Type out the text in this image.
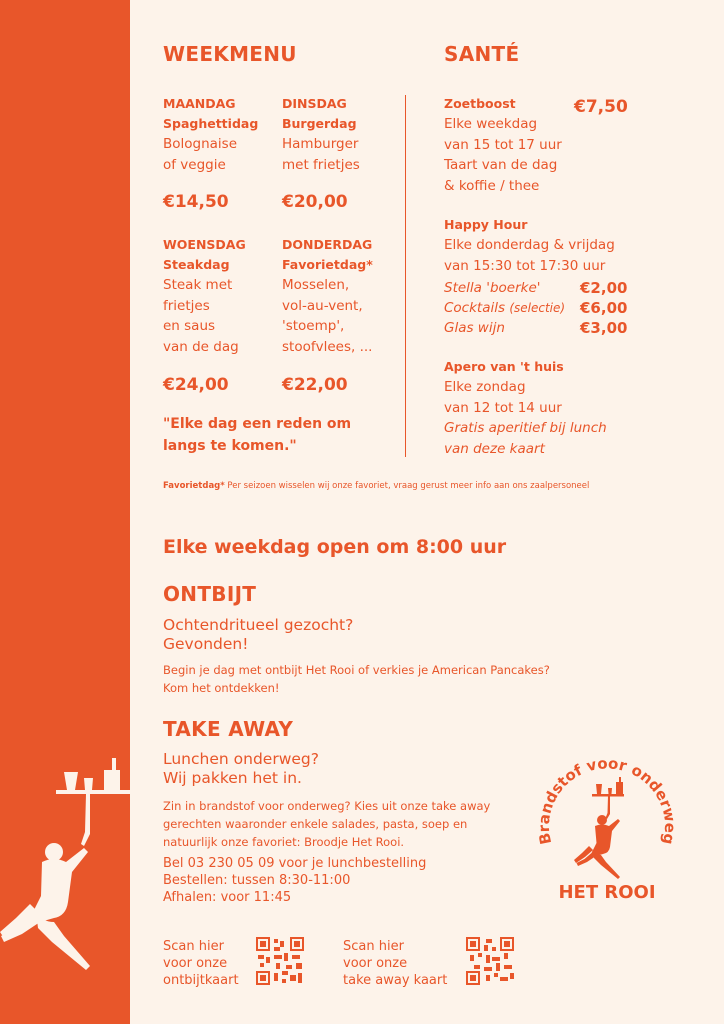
WEEKMENU
MAANDAG
Spaghettidag
Bolognaise
of veggie
DINSDAG
Burgerdag
Hamburger
met frietjes
€14,50	€20,00
WOENSDAG
Steakdag
Steak met
frietjes
en saus
van de dag
DONDERDAG
Favorietdag*
Mosselen,
vol-au-vent,
'stoemp',
stoofvlees, ...
€24,00	€22,00
"Elke dag een reden om
langs te komen."
SANTÉ
Zoetboost
Elke weekdag
van 15 tot 17 uur
Taart van de dag
& koffie / thee
€7,50
Happy Hour
Elke donderdag & vrijdag
van 15:30 tot 17:30 uur
Stella 'boerke'	€2,00
Cocktails (selectie) €6,00
Glas wijn	€3,00
Apero van 't huis
Elke zondag
van 12 tot 14 uur
Gratis aperitief bij lunch
van deze kaart
Favorietdag* Per seizoen wisselen wij onze favoriet, vraag gerust meer info aan ons zaalpersoneel
Elke weekdag open om 8:00 uur
ONTBIJT
Ochtendritueel gezocht?
Gevonden!
Begin je dag met ontbijt Het Rooi of verkies je American Pancakes?
Kom het ontdekken!
TAKE AWAY
Lunchen onderweg?
Wij pakken het in.
Zin in brandstof voor onderweg? Kies uit onze take away
gerechten waaronder enkele salades, pasta, soep en
natuurlijk onze favoriet: Broodje Het Rooi.
Bel 03 230 05 09 voor je lunchbestelling
Bestellen: tussen 8:30-11:00
Afhalen: voor 11:45
Scan hier
voor onze
ontbijtkaart
Scan hier
voor onze
take away kaart
Brandstof voor onderweg
HET ROOI
